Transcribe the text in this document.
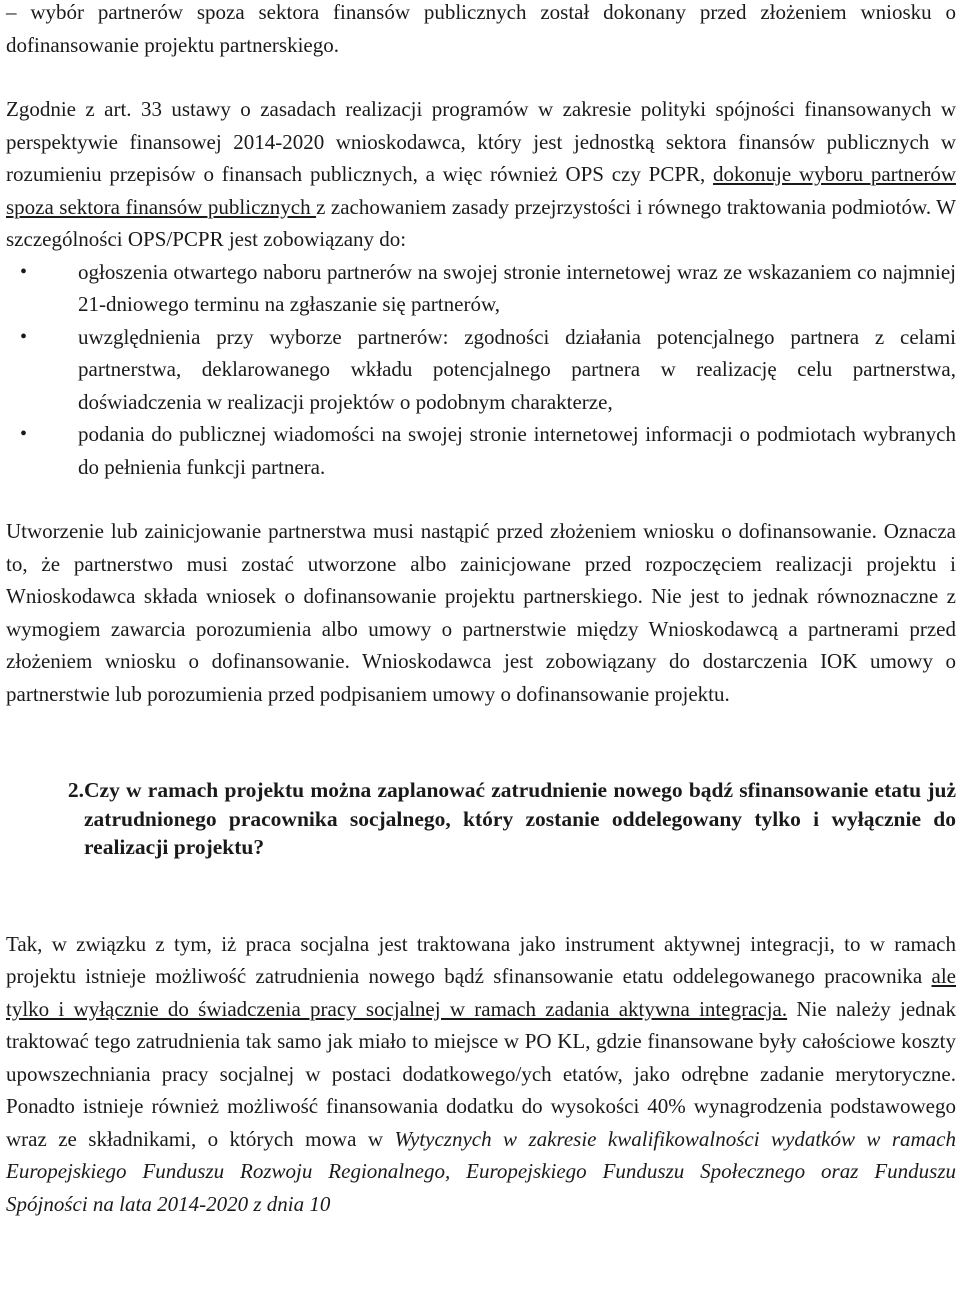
– wybór partnerów spoza sektora finansów publicznych został dokonany przed złożeniem wniosku o dofinansowanie projektu partnerskiego.

Zgodnie z art. 33 ustawy o zasadach realizacji programów w zakresie polityki spójności finansowanych w perspektywie finansowej 2014-2020 wnioskodawca, który jest jednostką sektora finansów publicznych w rozumieniu przepisów o finansach publicznych, a więc również OPS czy PCPR, dokonuje wyboru partnerów spoza sektora finansów publicznych z zachowaniem zasady przejrzystości i równego traktowania podmiotów. W szczególności OPS/PCPR jest zobowiązany do:

• ogłoszenia otwartego naboru partnerów na swojej stronie internetowej wraz ze wskazaniem co najmniej 21-dniowego terminu na zgłaszanie się partnerów,
• uwzględnienia przy wyborze partnerów: zgodności działania potencjalnego partnera z celami partnerstwa, deklarowanego wkładu potencjalnego partnera w realizację celu partnerstwa, doświadczenia w realizacji projektów o podobnym charakterze,
• podania do publicznej wiadomości na swojej stronie internetowej informacji o podmiotach wybranych do pełnienia funkcji partnera.

Utworzenie lub zainicjowanie partnerstwa musi nastąpić przed złożeniem wniosku o dofinansowanie. Oznacza to, że partnerstwo musi zostać utworzone albo zainicjowane przed rozpoczęciem realizacji projektu i Wnioskodawca składa wniosek o dofinansowanie projektu partnerskiego. Nie jest to jednak równoznaczne z wymogiem zawarcia porozumienia albo umowy o partnerstwie między Wnioskodawcą a partnerami przed złożeniem wniosku o dofinansowanie. Wnioskodawca jest zobowiązany do dostarczenia IOK umowy o partnerstwie lub porozumienia przed podpisaniem umowy o dofinansowanie projektu.

2. Czy w ramach projektu można zaplanować zatrudnienie nowego bądź sfinansowanie etatu już zatrudnionego pracownika socjalnego, który zostanie oddelegowany tylko i wyłącznie do realizacji projektu?

Tak, w związku z tym, iż praca socjalna jest traktowana jako instrument aktywnej integracji, to w ramach projektu istnieje możliwość zatrudnienia nowego bądź sfinansowanie etatu oddelegowanego pracownika ale tylko i wyłącznie do świadczenia pracy socjalnej w ramach zadania aktywna integracja. Nie należy jednak traktować tego zatrudnienia tak samo jak miało to miejsce w PO KL, gdzie finansowane były całościowe koszty upowszechniania pracy socjalnej w postaci dodatkowego/ych etatów, jako odrębne zadanie merytoryczne. Ponadto istnieje również możliwość finansowania dodatku do wysokości 40% wynagrodzenia podstawowego wraz ze składnikami, o których mowa w Wytycznych w zakresie kwalifikowalności wydatków w ramach Europejskiego Funduszu Rozwoju Regionalnego, Europejskiego Funduszu Społecznego oraz Funduszu Spójności na lata 2014-2020 z dnia 10
